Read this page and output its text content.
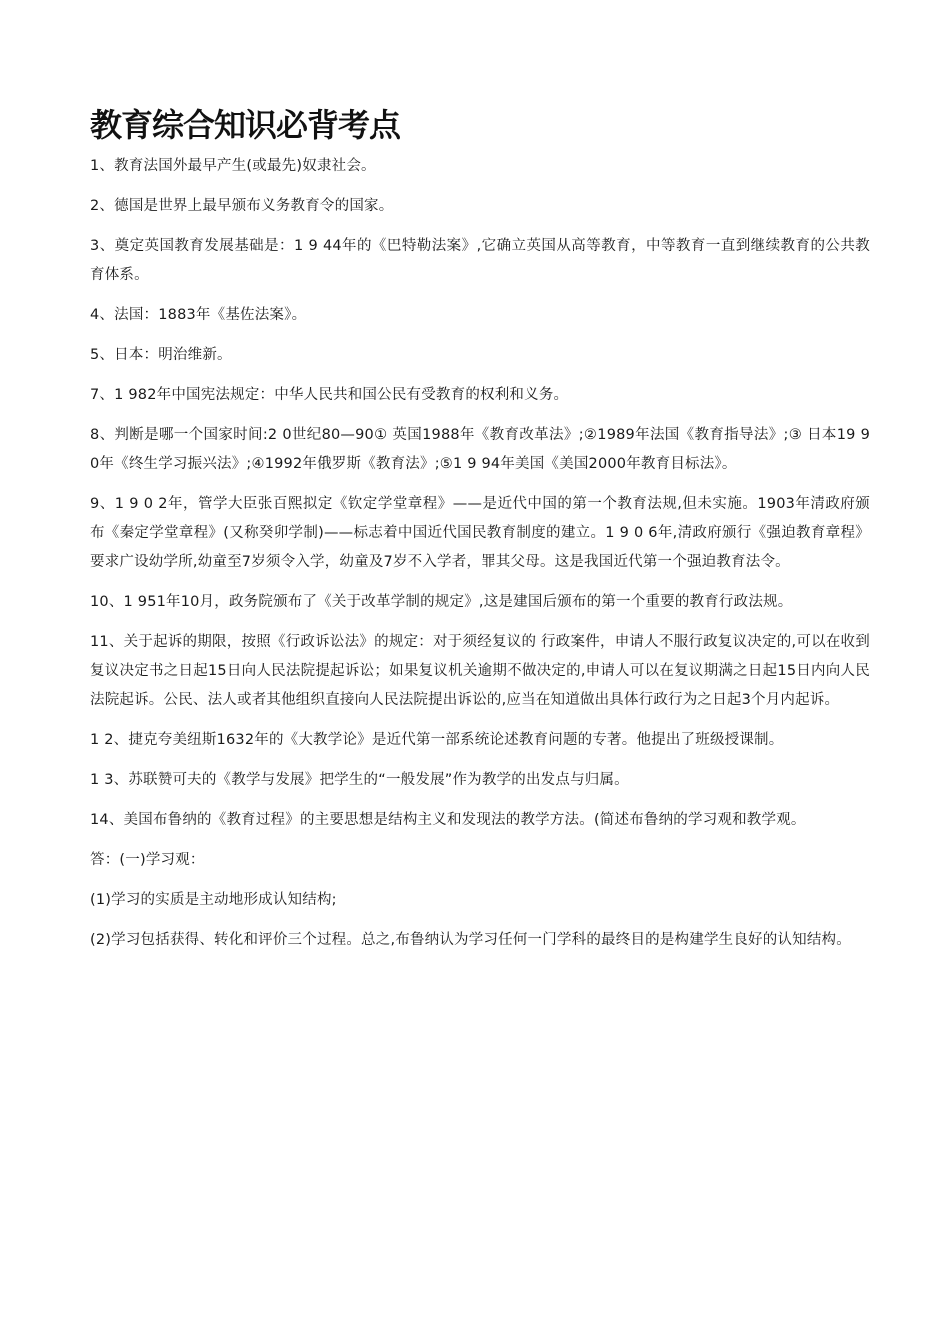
教育综合知识必背考点

1、教育法国外最早产生(或最先)奴隶社会。

2、德国是世界上最早颁布义务教育令的国家。

3、奠定英国教育发展基础是：1 9 44年的《巴特勒法案》,它确立英国从高等教育，中等教育一直到继续教育的公共教育体系。

4、法国：1883年《基佐法案》。

5、日本：明治维新。

7、1 982年中国宪法规定：中华人民共和国公民有受教育的权利和义务。

8、判断是哪一个国家时间:2 0世纪80—90① 英国1988年《教育改革法》;②1989年法国《教育指导法》;③ 日本19 9 0年《终生学习振兴法》;④1992年俄罗斯《教育法》;⑤1 9 94年美国《美国2000年教育目标法》。

9、1 9 0 2年，管学大臣张百熙拟定《钦定学堂章程》——是近代中国的第一个教育法规,但未实施。1903年清政府颁布《秦定学堂章程》(又称癸卯学制)——标志着中国近代国民教育制度的建立。1 9 0 6年,清政府颁行《强迫教育章程》要求广设幼学所,幼童至7岁须令入学，幼童及7岁不入学者，罪其父母。这是我国近代第一个强迫教育法令。

10、1 951年10月，政务院颁布了《关于改革学制的规定》,这是建国后颁布的第一个重要的教育行政法规。

11、关于起诉的期限，按照《行政诉讼法》的规定：对于须经复议的 行政案件，申请人不服行政复议决定的,可以在收到复议决定书之日起15日向人民法院提起诉讼；如果复议机关逾期不做决定的,申请人可以在复议期满之日起15日内向人民法院起诉。公民、法人或者其他组织直接向人民法院提出诉讼的,应当在知道做出具体行政行为之日起3个月内起诉。

1 2、捷克夸美纽斯1632年的《大教学论》是近代第一部系统论述教育问题的专著。他提出了班级授课制。

1 3、苏联赞可夫的《教学与发展》把学生的“一般发展”作为教学的出发点与归属。

14、美国布鲁纳的《教育过程》的主要思想是结构主义和发现法的教学方法。(简述布鲁纳的学习观和教学观。

答：(一)学习观：

(1)学习的实质是主动地形成认知结构;

(2)学习包括获得、转化和评价三个过程。总之,布鲁纳认为学习任何一门学科的最终目的是构建学生良好的认知结构。
